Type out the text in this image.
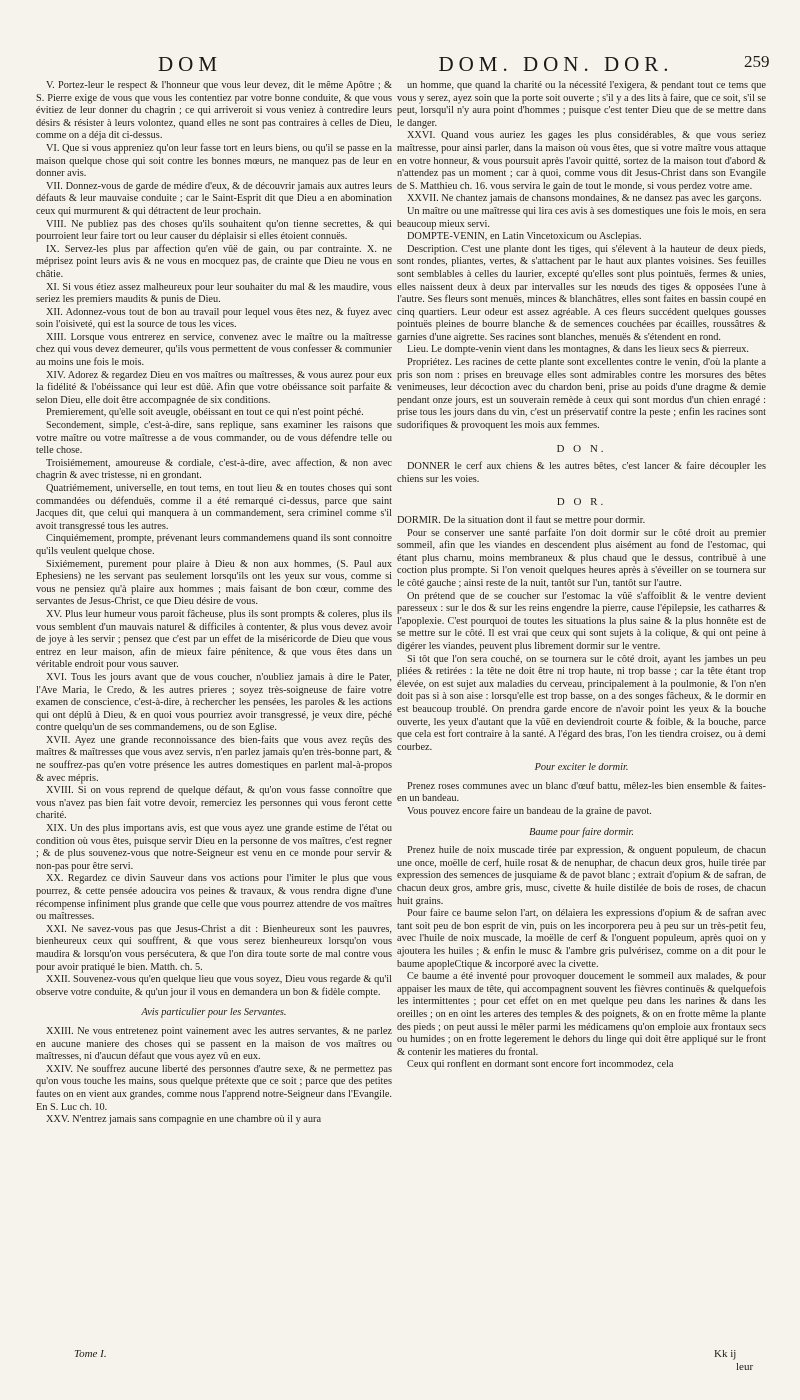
DOM	DOM. DON. DOR.	259

V. Portez-leur le respect & l'honneur que vous leur devez, dit le même Apôtre ; & S. Pierre exige de vous que vous les contentiez par votre bonne conduite, & que vous évitiez de leur donner du chagrin ; ce qui arriveroit si vous veniez à contredire leurs désirs & résister à leurs volontez, quand elles ne sont pas contraires à celles de Dieu, comme on a déja dit ci-dessus.

VI. Que si vous appreniez qu'on leur fasse tort en leurs biens, ou qu'il se passe en la maison quelque chose qui soit contre les bonnes mœurs, ne manquez pas de leur en donner avis.

VII. Donnez-vous de garde de médire d'eux, & de découvrir jamais aux autres leurs défauts & leur mauvaise conduite ; car le Saint-Esprit dit que Dieu a en abomination ceux qui murmurent & qui détractent de leur prochain.

VIII. Ne publiez pas des choses qu'ils souhaitent qu'on tienne secrettes, & qui pourroient leur faire tort ou leur causer du déplaisir si elles étoient connuës.

IX. Servez-les plus par affection qu'en vûë de gain, ou par contrainte. X. ne méprisez point leurs avis & ne vous en mocquez pas, de crainte que Dieu ne vous en châtie.

XI. Si vous étiez assez malheureux pour leur souhaiter du mal & les maudire, vous seriez les premiers maudits & punis de Dieu.

XII. Adonnez-vous tout de bon au travail pour lequel vous êtes nez, & fuyez avec soin l'oisiveté, qui est la source de tous les vices.

XIII. Lorsque vous entrerez en service, convenez avec le maître ou la maîtresse chez qui vous devez demeurer, qu'ils vous permettent de vous confesser & communier au moins une fois le mois.

XIV. Adorez & regardez Dieu en vos maîtres ou maîtresses, & vous aurez pour eux la fidélité & l'obéissance qui leur est dûë. Afin que votre obéissance soit parfaite & selon Dieu, elle doit être accompagnée de six conditions.

Premierement, qu'elle soit aveugle, obéissant en tout ce qui n'est point péché.

Secondement, simple, c'est-à-dire, sans replique, sans examiner les raisons que votre maître ou votre maîtresse a de vous commander, ou de vous défendre telle ou telle chose.

Troisiémement, amoureuse & cordiale, c'est-à-dire, avec affection, & non avec chagrin & avec tristesse, ni en grondant.

Quatriémement, universelle, en tout tems, en tout lieu & en toutes choses qui sont commandées ou défenduës, comme il a été remarqué ci-dessus, parce que saint Jacques dit, que celui qui manquera à un commandement, sera criminel comme s'il avoit transgressé tous les autres.

Cinquiémement, prompte, prévenant leurs commandemens quand ils sont connoitre qu'ils veulent quelque chose.

Sixiémement, purement pour plaire à Dieu & non aux hommes, (S. Paul aux Ephesiens) ne les servant pas seulement lorsqu'ils ont les yeux sur vous, comme si vous ne pensiez qu'à plaire aux hommes ; mais faisant de bon cœur, comme des servantes de Jesus-Christ, ce que Dieu désire de vous.

XV. Plus leur humeur vous paroit fâcheuse, plus ils sont prompts & coleres, plus ils vous semblent d'un mauvais naturel & difficiles à contenter, & plus vous devez avoir de joye à les servir ; pensez que c'est par un effet de la miséricorde de Dieu que vous entrez en leur maison, afin de mieux faire pénitence, & que vous êtes dans un véritable endroit pour vous sauver.

XVI. Tous les jours avant que de vous coucher, n'oubliez jamais à dire le Pater, l'Ave Maria, le Credo, & les autres prieres ; soyez très-soigneuse de faire votre examen de conscience, c'est-à-dire, à rechercher les pensées, les paroles & les actions qui ont déplû à Dieu, & en quoi vous pourriez avoir transgressé, je veux dire, péché contre quelqu'un de ses commandemens, ou de son Eglise.

XVII. Ayez une grande reconnoissance des bien-faits que vous avez reçûs des maîtres & maîtresses que vous avez servis, n'en parlez jamais qu'en très-bonne part, & ne souffrez-pas qu'en votre présence les autres domestiques en parlent mal-à-propos & avec mépris.

XVIII. Si on vous reprend de quelque défaut, & qu'on vous fasse connoître que vous n'avez pas bien fait votre devoir, remerciez les personnes qui vous feront cette charité.

XIX. Un des plus importans avis, est que vous ayez une grande estime de l'état ou condition où vous êtes, puisque servir Dieu en la personne de vos maîtres, c'est regner ; & de plus souvenez-vous que notre-Seigneur est venu en ce monde pour servir & non-pas pour être servi.

XX. Regardez ce divin Sauveur dans vos actions pour l'imiter le plus que vous pourrez, & cette pensée adoucira vos peines & travaux, & vous rendra digne d'une récompense infiniment plus grande que celle que vous pourrez attendre de vos maîtres ou maîtresses.

XXI. Ne savez-vous pas que Jesus-Christ a dit : Bienheureux sont les pauvres, bienheureux ceux qui souffrent, & que vous serez bienheureux lorsqu'on vous maudira & lorsqu'on vous persécutera, & que l'on dira toute sorte de mal contre vous pour avoir pratiqué le bien. Matth. ch. 5.

XXII. Souvenez-vous qu'en quelque lieu que vous soyez, Dieu vous regarde & qu'il observe votre conduite, & qu'un jour il vous en demandera un bon & fidèle compte.

Avis particulier pour les Servantes.

XXIII. Ne vous entretenez point vainement avec les autres servantes, & ne parlez en aucune maniere des choses qui se passent en la maison de vos maîtres ou maîtresses, ni d'aucun défaut que vous ayez vû en eux.

XXIV. Ne souffrez aucune liberté des personnes d'autre sexe, & ne permettez pas qu'on vous touche les mains, sous quelque prétexte que ce soit ; parce que des petites fautes on en vient aux grandes, comme nous l'apprend notre-Seigneur dans l'Evangile. En S. Luc ch. 10.

XXV. N'entrez jamais sans compagnie en une chambre où il y aura

un homme, que quand la charité ou la nécessité l'exigera, & pendant tout ce tems que vous y serez, ayez soin que la porte soit ouverte ; s'il y a des lits à faire, que ce soit, s'il se peut, lorsqu'il n'y aura point d'hommes ; puisque c'est tenter Dieu que de se mettre dans le danger.

XXVI. Quand vous auriez les gages les plus considérables, & que vous seriez maîtresse, pour ainsi parler, dans la maison où vous êtes, que si votre maître vous attaque en votre honneur, & vous poursuit après l'avoir quitté, sortez de la maison tout d'abord & n'attendez pas un moment ; car à quoi, comme vous dit Jesus-Christ dans son Evangile de S. Matthieu ch. 16. vous servira le gain de tout le monde, si vous perdez votre ame.

XXVII. Ne chantez jamais de chansons mondaines, & ne dansez pas avec les garçons.

Un maître ou une maîtresse qui lira ces avis à ses domestiques une fois le mois, en sera beaucoup mieux servi.

DOMPTE-VENIN, en Latin Vincetoxicum ou Asclepias.

Description. C'est une plante dont les tiges, qui s'élevent à la hauteur de deux pieds, sont rondes, pliantes, vertes, & s'attachent par le haut aux plantes voisines. Ses feuilles sont semblables à celles du laurier, excepté qu'elles sont plus pointuës, fermes & unies, elles naissent deux à deux par intervalles sur les nœuds des tiges & opposées l'une à l'autre. Ses fleurs sont menuës, minces & blanchâtres, elles sont faites en bassin coupé en cinq quartiers. Leur odeur est assez agréable. A ces fleurs succédent quelques gousses pointuës pleines de bourre blanche & de semences couchées par écailles, roussâtres & garnies d'une aigrette. Ses racines sont blanches, menuës & s'étendent en rond.

Lieu. Le dompte-venin vient dans les montagnes, & dans les lieux secs & pierreux.

Propriétez. Les racines de cette plante sont excellentes contre le venin, d'où la plante a pris son nom : prises en breuvage elles sont admirables contre les morsures des bêtes venimeuses, leur décoction avec du chardon beni, prise au poids d'une dragme & demie pendant onze jours, est un souverain remède à ceux qui sont mordus d'un chien enragé : prise tous les jours dans du vin, c'est un préservatif contre la peste ; enfin les racines sont sudorifiques & provoquent les mois aux femmes.

D O N.

DONNER le cerf aux chiens & les autres bêtes, c'est lancer & faire découpler les chiens sur les voies.

D O R.

DORMIR. De la situation dont il faut se mettre pour dormir.

Pour se conserver une santé parfaite l'on doit dormir sur le côté droit au premier sommeil, afin que les viandes en descendent plus aisément au fond de l'estomac, qui étant plus charnu, moins membraneux & plus chaud que le dessus, contribuë à une coction plus prompte. Si l'on venoit quelques heures après à s'éveiller on se tournera sur le côté gauche ; ainsi reste de la nuit, tantôt sur l'un, tantôt sur l'autre.

On prétend que de se coucher sur l'estomac la vûë s'affoiblit & le ventre devient paresseux : sur le dos & sur les reins engendre la pierre, cause l'épilepsie, les catharres & l'apoplexie. C'est pourquoi de toutes les situations la plus saine & la plus honnête est de se mettre sur le côté. Il est vrai que ceux qui sont sujets à la colique, & qui ont peine à digérer les viandes, peuvent plus librement dormir sur le ventre.

Si tôt que l'on sera couché, on se tournera sur le côté droit, ayant les jambes un peu pliées & retirées : la tête ne doit être ni trop haute, ni trop basse ; car la tête étant trop élevée, on est sujet aux maladies du cerveau, principalement à la poulmonie, & l'on n'en doit pas si à son aise : lorsqu'elle est trop basse, on a des songes fâcheux, & le dormir en est beaucoup troublé. On prendra garde encore de n'avoir point les yeux & la bouche ouverte, les yeux d'autant que la vûë en deviendroit courte & foible, & la bouche, parce que cela est fort contraire à la santé. A l'égard des bras, l'on les tiendra croisez, ou à demi courbez.

Pour exciter le dormir.

Prenez roses communes avec un blanc d'œuf battu, mêlez-les bien ensemble & faites-en un bandeau.

Vous pouvez encore faire un bandeau de la graine de pavot.

Baume pour faire dormir.

Prenez huile de noix muscade tirée par expression, & onguent populeum, de chacun une once, moëlle de cerf, huile rosat & de nenuphar, de chacun deux gros, huile tirée par expression des semences de jusquiame & de pavot blanc ; extrait d'opium & de safran, de chacun deux gros, ambre gris, musc, civette & huile distilée de bois de roses, de chacun huit grains.

Pour faire ce baume selon l'art, on délaiera les expressions d'opium & de safran avec tant soit peu de bon esprit de vin, puis on les incorporera peu à peu sur un très-petit feu, avec l'huile de noix muscade, la moëlle de cerf & l'onguent populeum, après quoi on y ajoutera les huiles ; & enfin le musc & l'ambre gris pulvérisez, comme on a dit pour le baume apopleCtique & incorporé avec la civette.

Ce baume a été inventé pour provoquer doucement le sommeil aux malades, & pour appaiser les maux de tête, qui accompagnent souvent les fièvres continuës & quelquefois les intermittentes ; pour cet effet on en met quelque peu dans les narines & dans les oreilles ; on en oint les arteres des temples & des poignets, & on en frotte même la plante des pieds ; on peut aussi le mêler parmi les médicamens qu'on emploie aux frontaux secs ou humides ; on en frotte legerement le dehors du linge qui doit être appliqué sur le front & contenir les matieres du frontal.

Ceux qui ronflent en dormant sont encore fort incommodez, cela

Tome I.	Kk ij
leur
